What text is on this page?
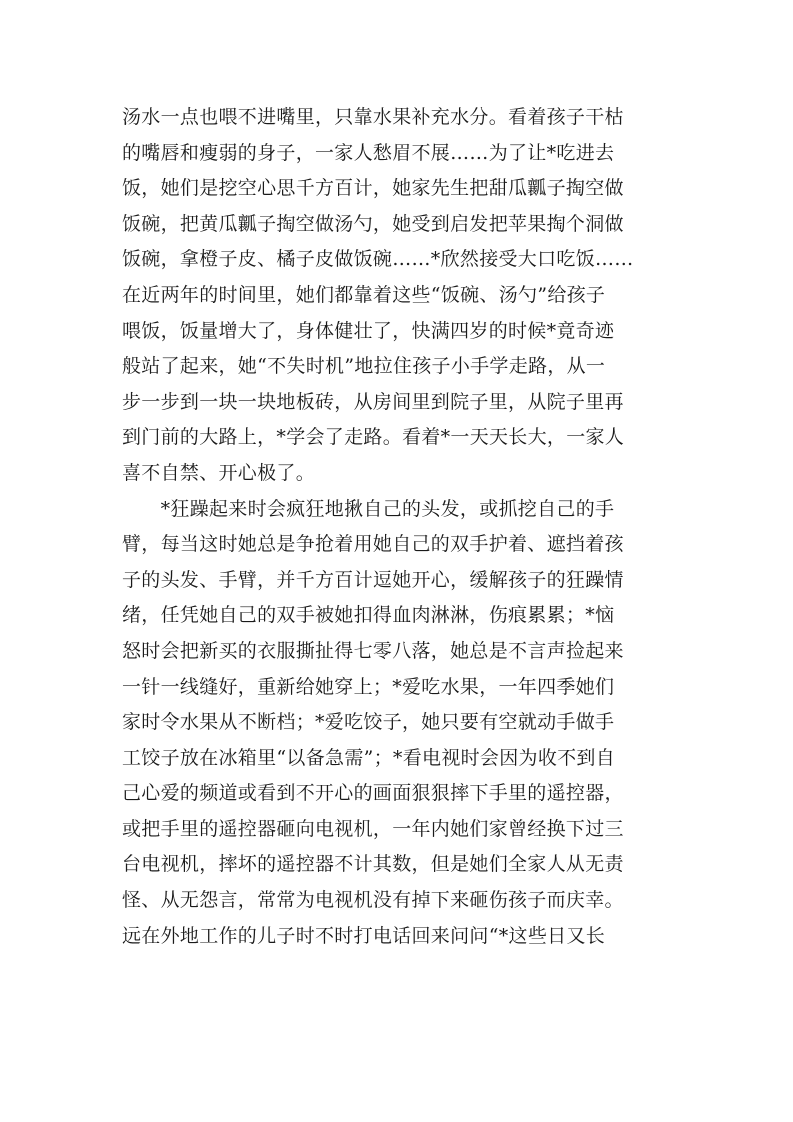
汤水一点也喂不进嘴里，只靠水果补充水分。看着孩子干枯
的嘴唇和瘦弱的身子，一家人愁眉不展……为了让*吃进去
饭，她们是挖空心思千方百计，她家先生把甜瓜瓤子掏空做
饭碗，把黄瓜瓤子掏空做汤勺，她受到启发把苹果掏个洞做
饭碗，拿橙子皮、橘子皮做饭碗……*欣然接受大口吃饭……
在近两年的时间里，她们都靠着这些“饭碗、汤勺”给孩子
喂饭，饭量增大了，身体健壮了，快满四岁的时候*竟奇迹
般站了起来，她“不失时机”地拉住孩子小手学走路，从一
步一步到一块一块地板砖，从房间里到院子里，从院子里再
到门前的大路上，*学会了走路。看着*一天天长大，一家人
喜不自禁、开心极了。
　　*狂躁起来时会疯狂地揪自己的头发，或抓挖自己的手
臂，每当这时她总是争抢着用她自己的双手护着、遮挡着孩
子的头发、手臂，并千方百计逗她开心，缓解孩子的狂躁情
绪，任凭她自己的双手被她扣得血肉淋淋，伤痕累累；*恼
怒时会把新买的衣服撕扯得七零八落，她总是不言声捡起来
一针一线缝好，重新给她穿上；*爱吃水果，一年四季她们
家时令水果从不断档；*爱吃饺子，她只要有空就动手做手
工饺子放在冰箱里“以备急需”；*看电视时会因为收不到自
己心爱的频道或看到不开心的画面狠狠摔下手里的遥控器，
或把手里的遥控器砸向电视机，一年内她们家曾经换下过三
台电视机，摔坏的遥控器不计其数，但是她们全家人从无责
怪、从无怨言，常常为电视机没有掉下来砸伤孩子而庆幸。
远在外地工作的儿子时不时打电话回来问问“*这些日又长
